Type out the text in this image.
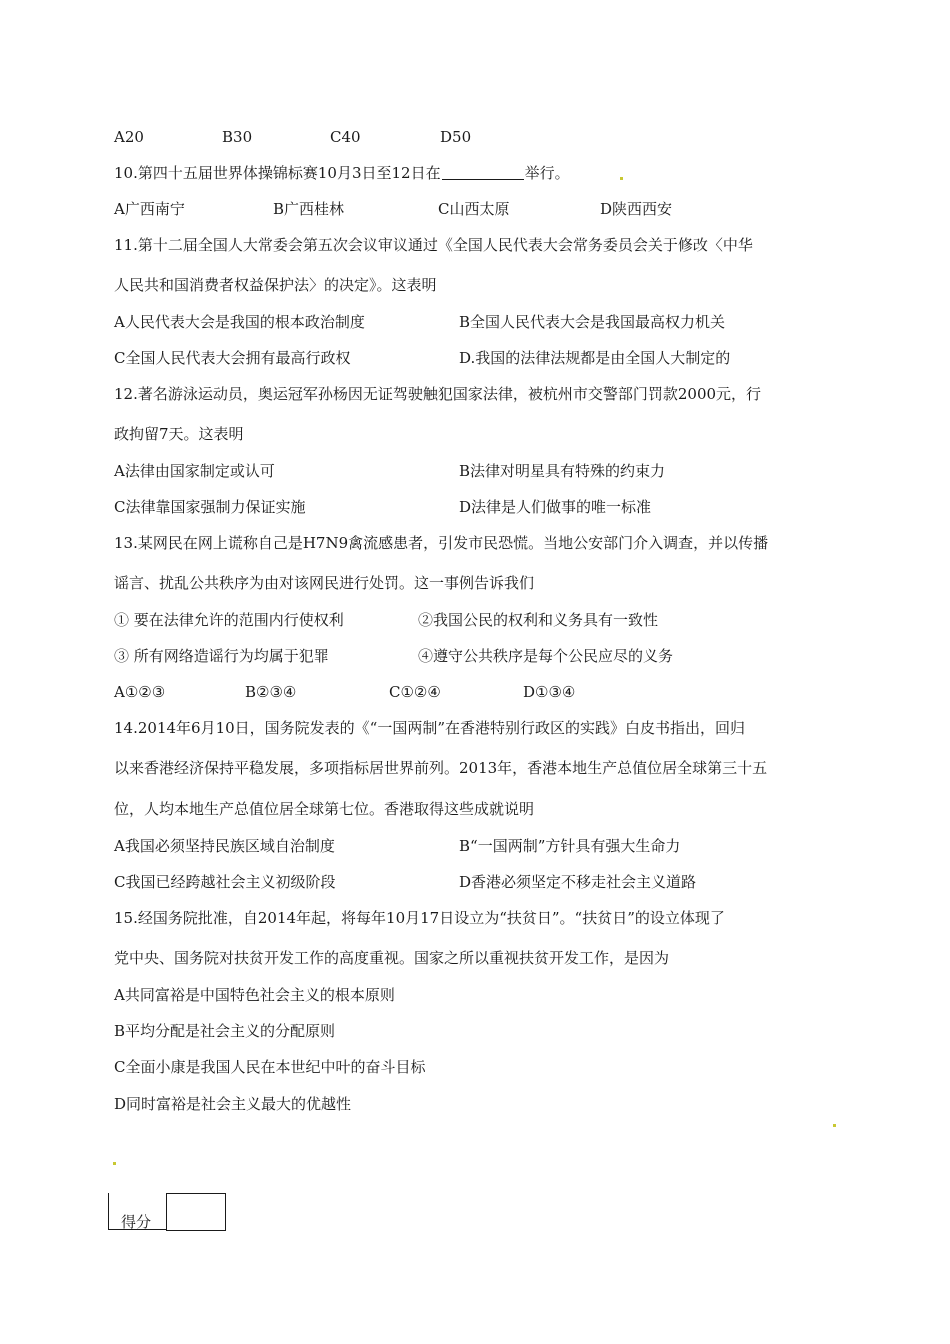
A20	B30	C40	D50
10.第四十五届世界体操锦标赛10月3日至12日在	举行。
A广西南宁	B广西桂林	C山西太原	D陕西西安
11.第十二届全国人大常委会第五次会议审议通过《全国人民代表大会常务委员会关于修改〈中华
人民共和国消费者权益保护法〉的决定》。这表明
A人民代表大会是我国的根本政治制度	B全国人民代表大会是我国最高权力机关
C全国人民代表大会拥有最高行政权	D.我国的法律法规都是由全国人大制定的
12.著名游泳运动员，奥运冠军孙杨因无证驾驶触犯国家法律，被杭州市交警部门罚款2000元，行
政拘留7天。这表明
A法律由国家制定或认可	B法律对明星具有特殊的约束力
C法律靠国家强制力保证实施	D法律是人们做事的唯一标准
13.某网民在网上谎称自己是H7N9禽流感患者，引发市民恐慌。当地公安部门介入调查，并以传播
谣言、扰乱公共秩序为由对该网民进行处罚。这一事例告诉我们
① 要在法律允许的范围内行使权利	②我国公民的权利和义务具有一致性
③ 所有网络造谣行为均属于犯罪	④遵守公共秩序是每个公民应尽的义务
A①②③	B②③④	C①②④	D①③④
14.2014年6月10日，国务院发表的《“一国两制”在香港特别行政区的实践》白皮书指出，回归
以来香港经济保持平稳发展，多项指标居世界前列。2013年，香港本地生产总值位居全球第三十五
位，人均本地生产总值位居全球第七位。香港取得这些成就说明
A我国必须坚持民族区域自治制度	B“一国两制”方针具有强大生命力
C我国已经跨越社会主义初级阶段	D香港必须坚定不移走社会主义道路
15.经国务院批准，自2014年起，将每年10月17日设立为“扶贫日”。“扶贫日”的设立体现了
党中央、国务院对扶贫开发工作的高度重视。国家之所以重视扶贫开发工作，是因为
A共同富裕是中国特色社会主义的根本原则
B平均分配是社会主义的分配原则
C全面小康是我国人民在本世纪中叶的奋斗目标
D同时富裕是社会主义最大的优越性
得分
